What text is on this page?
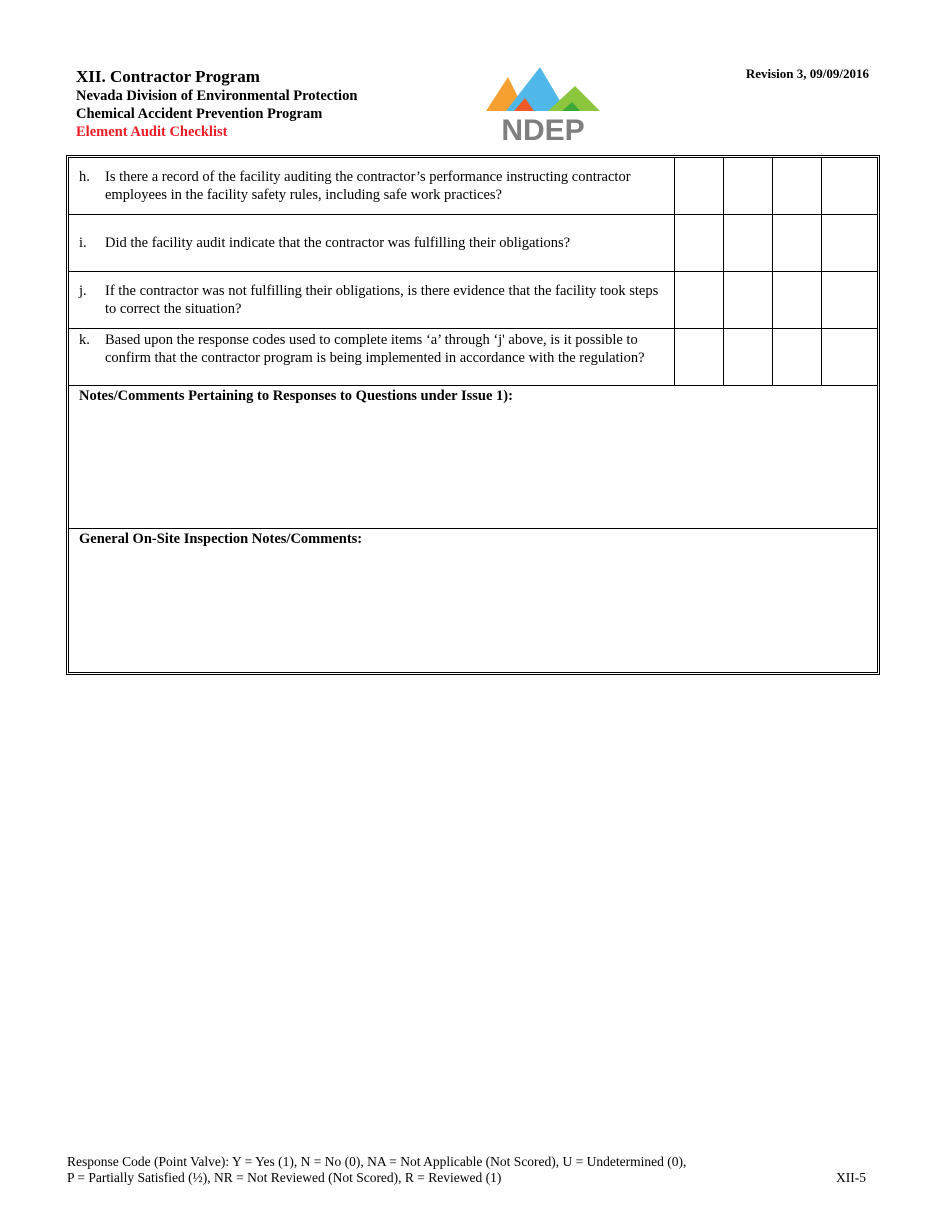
XII. Contractor Program
Nevada Division of Environmental Protection
Chemical Accident Prevention Program
Element Audit Checklist	NDEP
Revision 3, 09/09/2016
h.	Is there a record of the facility auditing the contractor’s performance instructing contractor employees in the facility safety rules, including safe work practices?
i.	Did the facility audit indicate that the contractor was fulfilling their obligations?
j.	If the contractor was not fulfilling their obligations, is there evidence that the facility took steps to correct the situation?
k.	Based upon the response codes used to complete items ‘a’ through ‘j' above, is it possible to confirm that the contractor program is being implemented in accordance with the regulation?
Notes/Comments Pertaining to Responses to Questions under Issue 1):
General On-Site Inspection Notes/Comments:
Response Code (Point Valve): Y = Yes (1), N = No (0), NA = Not Applicable (Not Scored), U = Undetermined (0),
P = Partially Satisfied (½), NR = Not Reviewed (Not Scored), R = Reviewed (1)	XII-5
